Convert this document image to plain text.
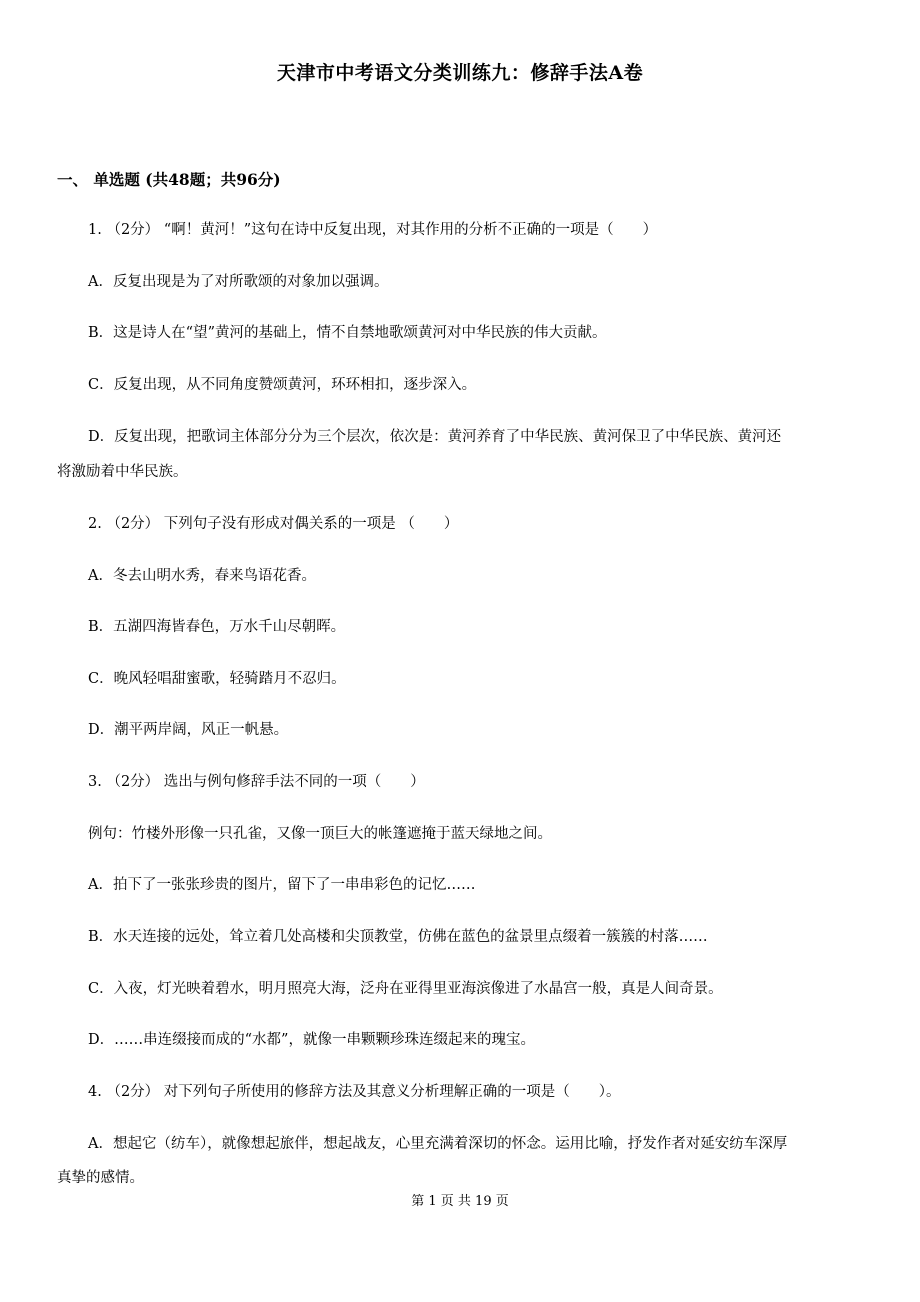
天津市中考语文分类训练九：修辞手法A卷
一、 单选题 (共48题；共96分)
1. （2分） “啊！黄河！”这句在诗中反复出现，对其作用的分析不正确的一项是（　　）
A．反复出现是为了对所歌颂的对象加以强调。
B．这是诗人在“望”黄河的基础上，情不自禁地歌颂黄河对中华民族的伟大贡献。
C．反复出现，从不同角度赞颂黄河，环环相扣，逐步深入。
D．反复出现，把歌词主体部分分为三个层次，依次是：黄河养育了中华民族、黄河保卫了中华民族、黄河还
将激励着中华民族。
2. （2分） 下列句子没有形成对偶关系的一项是 （　　）
A．冬去山明水秀，春来鸟语花香。
B．五湖四海皆春色，万水千山尽朝晖。
C．晚风轻唱甜蜜歌，轻骑踏月不忍归。
D．潮平两岸阔，风正一帆悬。
3. （2分） 选出与例句修辞手法不同的一项（　　）
例句：竹楼外形像一只孔雀，又像一顶巨大的帐篷遮掩于蓝天绿地之间。
A．拍下了一张张珍贵的图片，留下了一串串彩色的记忆……
B．水天连接的远处，耸立着几处高楼和尖顶教堂，仿佛在蓝色的盆景里点缀着一簇簇的村落……
C．入夜，灯光映着碧水，明月照亮大海，泛舟在亚得里亚海滨像进了水晶宫一般，真是人间奇景。
D．……串连缀接而成的“水都”，就像一串颗颗珍珠连缀起来的瑰宝。
4. （2分） 对下列句子所使用的修辞方法及其意义分析理解正确的一项是（　　）。
A．想起它（纺车），就像想起旅伴，想起战友，心里充满着深切的怀念。运用比喻，抒发作者对延安纺车深厚
真挚的感情。
第 1 页 共 19 页
